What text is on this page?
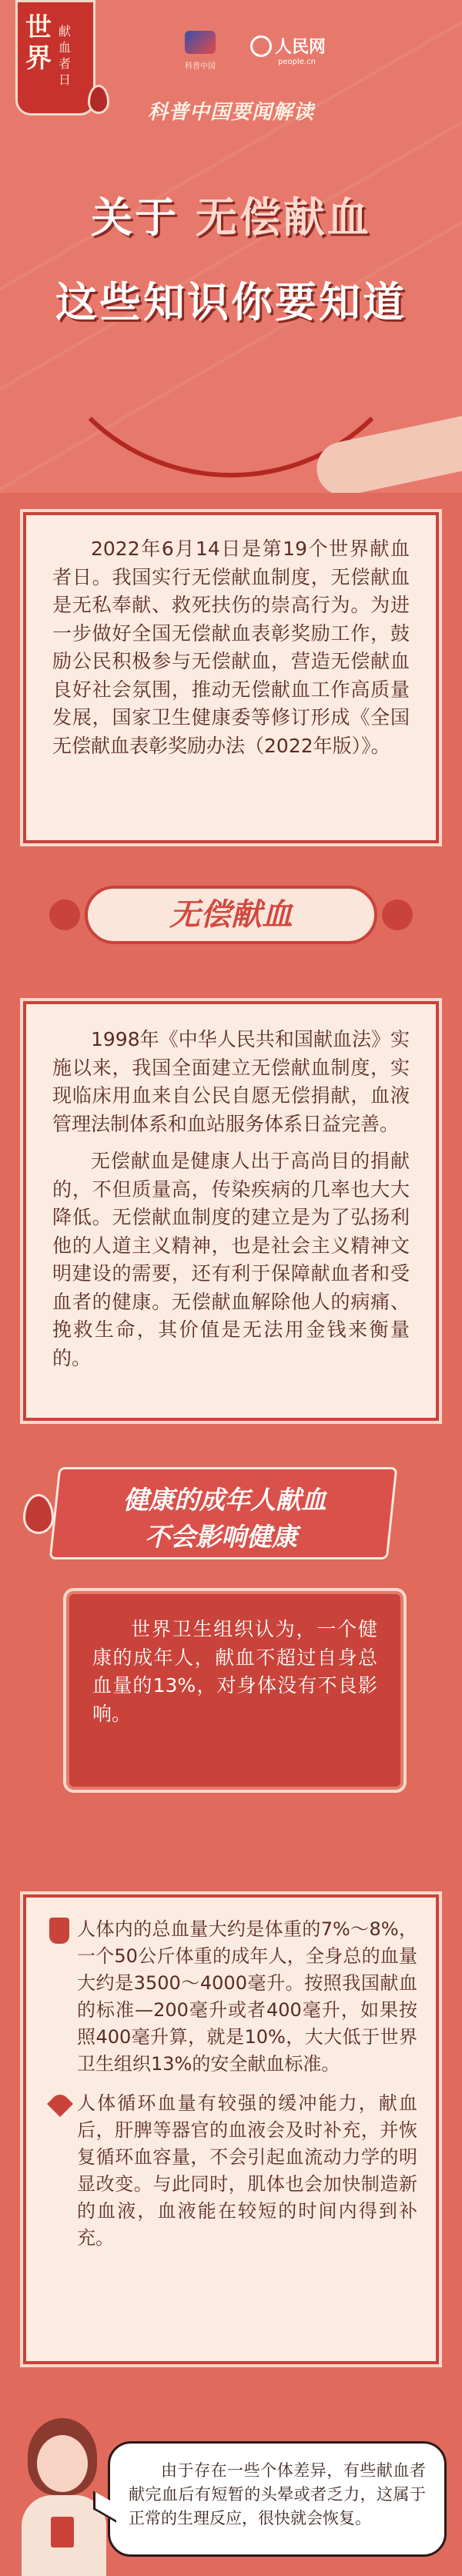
世界
献血者日
科普中国
人民网
people.cn
科普中国要闻解读
关于 无偿献血
这些知识你要知道

2022年6月14日是第19个世界献血者日。我国实行无偿献血制度，无偿献血是无私奉献、救死扶伤的崇高行为。为进一步做好全国无偿献血表彰奖励工作，鼓励公民积极参与无偿献血，营造无偿献血良好社会氛围，推动无偿献血工作高质量发展，国家卫生健康委等修订形成《全国无偿献血表彰奖励办法（2022年版）》。

无偿献血

1998年《中华人民共和国献血法》实施以来，我国全面建立无偿献血制度，实现临床用血来自公民自愿无偿捐献，血液管理法制体系和血站服务体系日益完善。

无偿献血是健康人出于高尚目的捐献的，不但质量高，传染疾病的几率也大大降低。无偿献血制度的建立是为了弘扬利他的人道主义精神，也是社会主义精神文明建设的需要，还有利于保障献血者和受血者的健康。无偿献血解除他人的病痛、挽救生命，其价值是无法用金钱来衡量的。

健康的成年人献血
不会影响健康

世界卫生组织认为，一个健康的成年人，献血不超过自身总血量的13%，对身体没有不良影响。

人体内的总血量大约是体重的7%～8%，一个50公斤体重的成年人，全身总的血量大约是3500～4000毫升。按照我国献血的标准—200毫升或者400毫升，如果按照400毫升算，就是10%，大大低于世界卫生组织13%的安全献血标准。

人体循环血量有较强的缓冲能力，献血后，肝脾等器官的血液会及时补充，并恢复循环血容量，不会引起血流动力学的明显改变。与此同时，肌体也会加快制造新的血液，血液能在较短的时间内得到补充。

由于存在一些个体差异，有些献血者献完血后有短暂的头晕或者乏力，这属于正常的生理反应，很快就会恢复。
